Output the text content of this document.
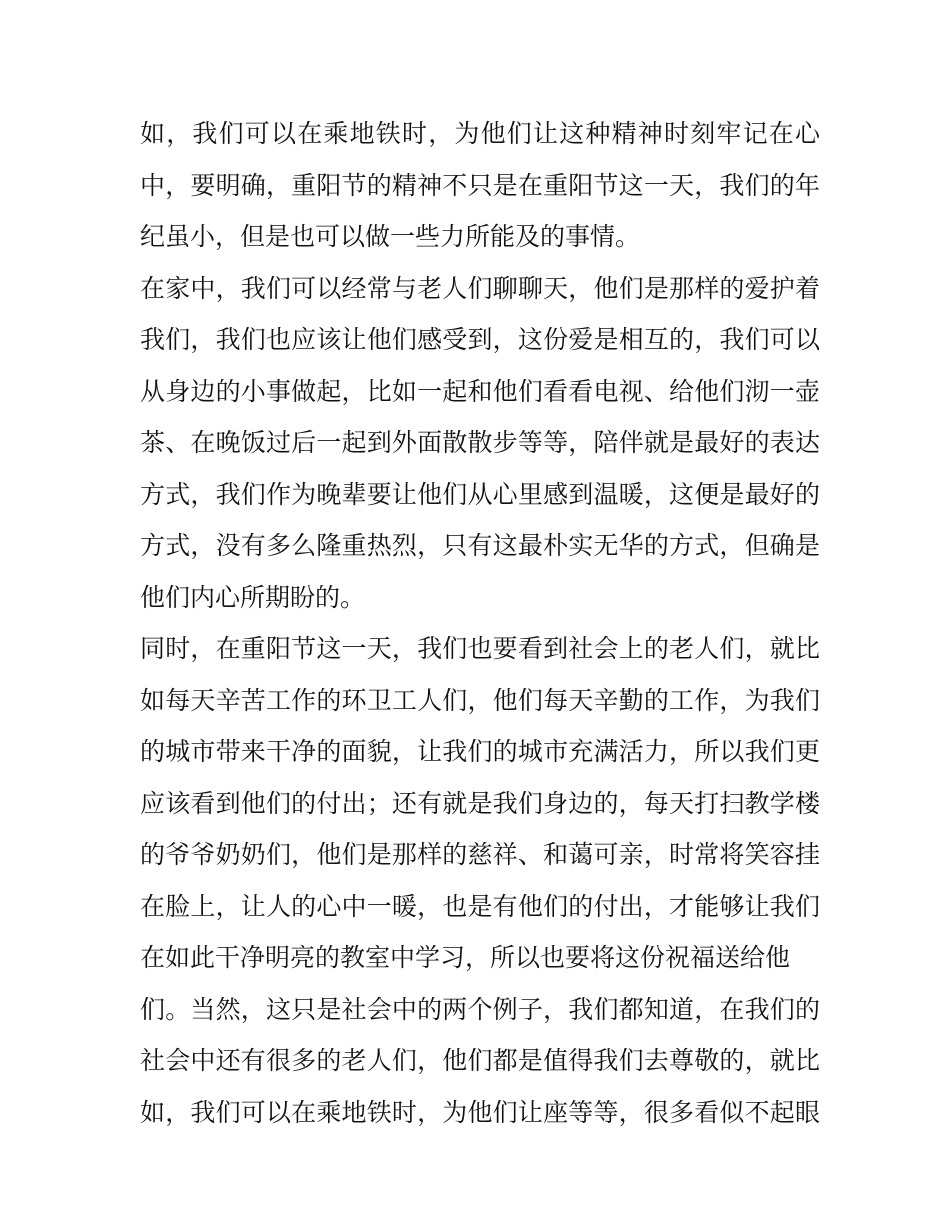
如，我们可以在乘地铁时，为他们让这种精神时刻牢记在心
中，要明确，重阳节的精神不只是在重阳节这一天，我们的年
纪虽小，但是也可以做一些力所能及的事情。
在家中，我们可以经常与老人们聊聊天，他们是那样的爱护着
我们，我们也应该让他们感受到，这份爱是相互的，我们可以
从身边的小事做起，比如一起和他们看看电视、给他们沏一壶
茶、在晚饭过后一起到外面散散步等等，陪伴就是最好的表达
方式，我们作为晚辈要让他们从心里感到温暖，这便是最好的
方式，没有多么隆重热烈，只有这最朴实无华的方式，但确是
他们内心所期盼的。
同时，在重阳节这一天，我们也要看到社会上的老人们，就比
如每天辛苦工作的环卫工人们，他们每天辛勤的工作，为我们
的城市带来干净的面貌，让我们的城市充满活力，所以我们更
应该看到他们的付出；还有就是我们身边的，每天打扫教学楼
的爷爷奶奶们，他们是那样的慈祥、和蔼可亲，时常将笑容挂
在脸上，让人的心中一暖，也是有他们的付出，才能够让我们
在如此干净明亮的教室中学习，所以也要将这份祝福送给他
们。当然，这只是社会中的两个例子，我们都知道，在我们的
社会中还有很多的老人们，他们都是值得我们去尊敬的，就比
如，我们可以在乘地铁时，为他们让座等等，很多看似不起眼
